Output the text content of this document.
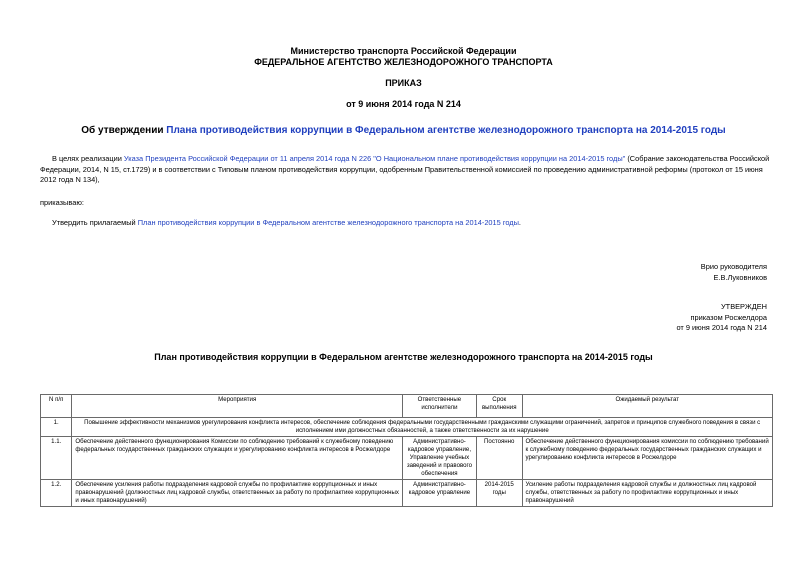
Министерство транспорта Российской Федерации
ФЕДЕРАЛЬНОЕ АГЕНТСТВО ЖЕЛЕЗНОДОРОЖНОГО ТРАНСПОРТА
ПРИКАЗ
от 9 июня 2014 года N 214
Об утверждении Плана противодействия коррупции в Федеральном агентстве железнодорожного транспорта на 2014-2015 годы
В целях реализации Указа Президента Российской Федерации от 11 апреля 2014 года N 226 "О Национальном плане противодействия коррупции на 2014-2015 годы" (Собрание законодательства Российской Федерации, 2014, N 15, ст.1729) и в соответствии с Типовым планом противодействия коррупции, одобренным Правительственной комиссией по проведению административной реформы (протокол от 15 июня 2012 года N 134),
приказываю:
Утвердить прилагаемый План противодействия коррупции в Федеральном агентстве железнодорожного транспорта на 2014-2015 годы.
Врио руководителя
Е.В.Луковников
УТВЕРЖДЕН
приказом Росжелдора
от 9 июня 2014 года N 214
План противодействия коррупции в Федеральном агентстве железнодорожного транспорта на 2014-2015 годы
N п/п	Мероприятия	Ответственные исполнители	Срок выполнения	Ожидаемый результат
1.	Повышение эффективности механизмов урегулирования конфликта интересов, обеспечение соблюдения федеральными государственными гражданскими служащими ограничений, запретов и принципов служебного поведения в связи с исполнением ими должностных обязанностей, а также ответственности за их нарушение			
1.1.	Обеспечение действенного функционирования Комиссии по соблюдению требований к служебному поведению федеральных государственных гражданских служащих и урегулированию конфликта интересов в Росжелдоре	Административно-кадровое управление, Управление учебных заведений и правового обеспечения	Постоянно	Обеспечение действенного функционирования комиссии по соблюдению требований к служебному поведению федеральных государственных гражданских служащих и урегулированию конфликта интересов в Росжелдоре
1.2.	Обеспечение усиления работы подразделения кадровой службы по профилактике коррупционных и иных правонарушений (должностных лиц кадровой службы, ответственных за работу по профилактике коррупционных и иных правонарушений)	Административно-кадровое управление	2014-2015 годы	Усиление работы подразделения кадровой службы и должностных лиц кадровой службы, ответственных за работу по профилактике коррупционных и иных правонарушений
